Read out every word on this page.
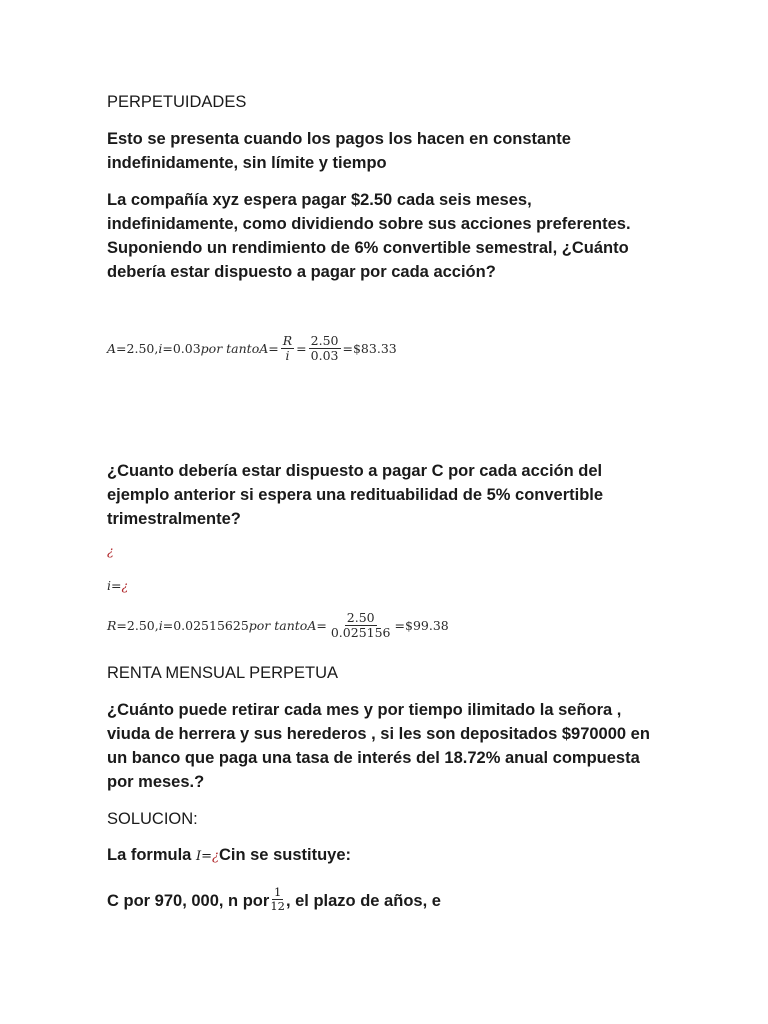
PERPETUIDADES

Esto se presenta cuando los pagos los hacen en constante indefinidamente, sin límite y tiempo

La compañía xyz espera pagar $2.50 cada seis meses, indefinidamente, como dividiendo sobre sus acciones preferentes. Suponiendo un rendimiento de 6% convertible semestral, ¿Cuánto debería estar dispuesto a pagar por cada acción?

A = 2.50 , i = 0.03 por tanto $A = \frac{R}{i} = \frac{2.50}{0.03}$ = $83.33

¿Cuanto debería estar dispuesto a pagar C por cada acción del ejemplo anterior si espera una redituabilidad de 5% convertible trimestralmente?

¿
i = ¿
R = 2.50 , i = 0.02515625 por tanto $A = \frac{2.50}{0.025156}$ = $99.38

RENTA MENSUAL PERPETUA

¿Cuánto puede retirar cada mes y por tiempo ilimitado la señora , viuda de herrera y sus herederos , si les son depositados $970000 en un banco que paga una tasa de interés del 18.72% anual compuesta por meses.?

SOLUCION:

La formula I=¿Cin se sustituye:

C por 970, 000, n por $\frac{1}{12}$ , el plazo de años, e
